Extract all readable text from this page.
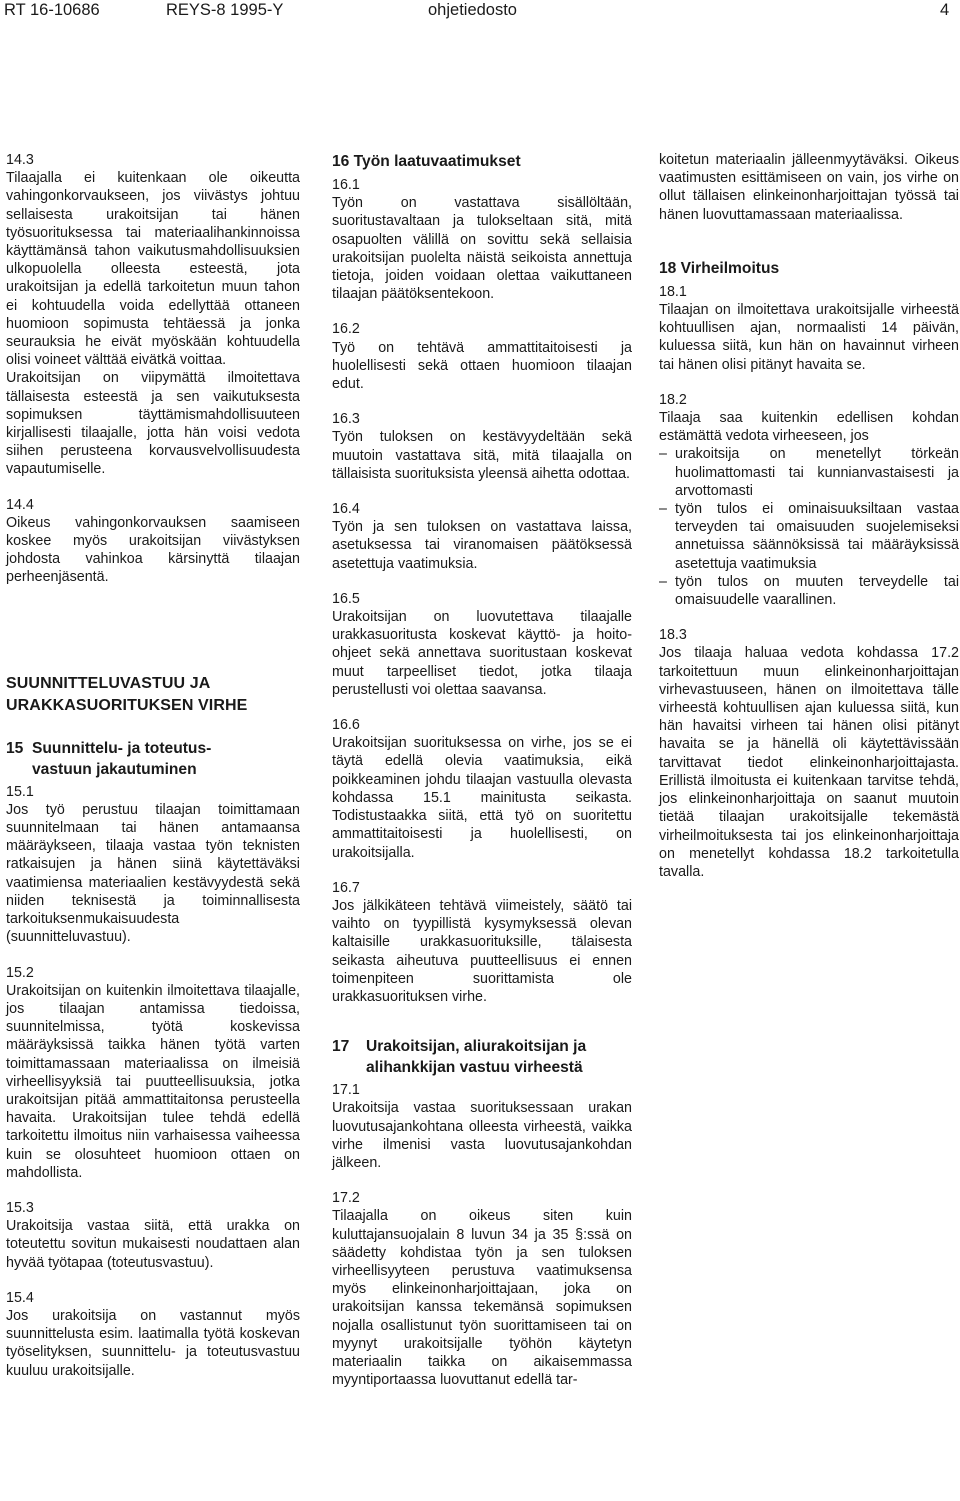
RT 16-10686	REYS-8 1995-Y	ohjetiedosto	4
14.3

Tilaajalla ei kuitenkaan ole oikeutta vahingonkorvaukseen, jos viivästys johtuu sellaisesta urakoitsijan tai hänen työsuorituksessa tai materiaalihankinnoissa käyttämänsä tahon vaikutusmahdollisuuksien ulkopuolella olleesta esteestä, jota urakoitsijan ja edellä tarkoitetun muun tahon ei kohtuudella voida edellyttää ottaneen huomioon sopimusta tehtäessä ja jonka seurauksia he eivät myöskään kohtuudella olisi voineet välttää eivätkä voittaa.

Urakoitsijan on viipymättä ilmoitettava tällaisesta esteestä ja sen vaikutuksesta sopimuksen täyttämismahdollisuuteen kirjallisesti tilaajalle, jotta hän voisi vedota siihen perusteena korvausvelvollisuudesta vapautumiselle.

14.4

Oikeus vahingonkorvauksen saamiseen koskee myös urakoitsijan viivästyksen johdosta vahinkoa kärsinyttä tilaajan perheenjäsentä.

SUUNNITTELUVASTUU JA
URAKKASUORITUKSEN VIRHE
15 Suunnittelu- ja toteutus-
vastuun jakautuminen
15.1

Jos työ perustuu tilaajan toimittamaan suunnitelmaan tai hänen antamaansa määräykseen, tilaaja vastaa työn teknisten ratkaisujen ja hänen siinä käytettäväksi vaatimiensa materiaalien kestävyydestä sekä niiden teknisestä ja toiminnallisesta tarkoituksenmukaisuudesta (suunnitteluvastuu).

15.2

Urakoitsijan on kuitenkin ilmoitettava tilaajalle, jos tilaajan antamissa tiedoissa, suunnitelmissa, työtä koskevissa määräyksissä taikka hänen työtä varten toimittamassaan materiaalissa on ilmeisiä virheellisyyksiä tai puutteellisuuksia, jotka urakoitsijan pitää ammattitaitonsa perusteella havaita. Urakoitsijan tulee tehdä edellä tarkoitettu ilmoitus niin varhaisessa vaiheessa kuin se olosuhteet huomioon ottaen on mahdollista.

15.3

Urakoitsija vastaa siitä, että urakka on toteutettu sovitun mukaisesti noudattaen alan hyvää työtapaa (toteutusvastuu).

15.4

Jos urakoitsija on vastannut myös suunnittelusta esim. laatimalla työtä koskevan työselityksen, suunnittelu- ja toteutusvastuu kuuluu urakoitsijalle.

16 Työn laatuvaatimukset
16.1

Työn on vastattava sisällöltään, suoritustavaltaan ja tulokseltaan sitä, mitä osapuolten välillä on sovittu sekä sellaisia urakoitsijan puolelta näistä seikoista annettuja tietoja, joiden voidaan olettaa vaikuttaneen tilaajan päätöksentekoon.

16.2

Työ on tehtävä ammattitaitoisesti ja huolellisesti sekä ottaen huomioon tilaajan edut.

16.3

Työn tuloksen on kestävyydeltään sekä muutoin vastattava sitä, mitä tilaajalla on tällaisista suorituksista yleensä aihetta odottaa.

16.4

Työn ja sen tuloksen on vastattava laissa, asetuksessa tai viranomaisen päätöksessä asetettuja vaatimuksia.

16.5

Urakoitsijan on luovutettava tilaajalle urakkasuoritusta koskevat käyttö- ja hoito-ohjeet sekä annettava suoritustaan koskevat muut tarpeelliset tiedot, jotka tilaaja perustellusti voi olettaa saavansa.

16.6

Urakoitsijan suorituksessa on virhe, jos se ei täytä edellä olevia vaatimuksia, eikä poikkeaminen johdu tilaajan vastuulla olevasta kohdassa 15.1 mainitusta seikasta. Todistustaakka siitä, että työ on suoritettu ammattitaitoisesti ja huolellisesti, on urakoitsijalla.

16.7

Jos jälkikäteen tehtävä viimeistely, säätö tai vaihto on tyypillistä kysymyksessä olevan kaltaisille urakkasuorituksille, tälaisesta seikasta aiheutuva puutteellisuus ei ennen toimenpiteen suorittamista ole urakkasuorituksen virhe.

17 Urakoitsijan, aliurakoitsijan ja
alihankkijan vastuu virheestä
17.1

Urakoitsija vastaa suorituksessaan urakan luovutusajankohtana olleesta virheestä, vaikka virhe ilmenisi vasta luovutusajankohdan jälkeen.

17.2

Tilaajalla on oikeus siten kuin kuluttajansuojalain 8 luvun 34 ja 35 §:ssä on säädetty kohdistaa työn ja sen tuloksen virheellisyyteen perustuva vaatimuksensa myös elinkeinonharjoittajaan, joka on urakoitsijan kanssa tekemänsä sopimuksen nojalla osallistunut työn suorittamiseen tai on myynyt urakoitsijalle työhön käytetyn materiaalin taikka on aikaisemmassa myyntiportaassa luovuttanut edellä tar-

koitetun materiaalin jälleenmyytäväksi. Oikeus vaatimusten esittämiseen on vain, jos virhe on ollut tällaisen elinkeinonharjoittajan työssä tai hänen luovuttamassaan materiaalissa.

18 Virheilmoitus
18.1

Tilaajan on ilmoitettava urakoitsijalle virheestä kohtuullisen ajan, normaalisti 14 päivän, kuluessa siitä, kun hän on havainnut virheen tai hänen olisi pitänyt havaita se.

18.2

Tilaaja saa kuitenkin edellisen kohdan estämättä vedota virheeseen, jos

– urakoitsija on menetellyt törkeän huolimattomasti tai kunnianvastaisesti ja arvottomasti
– työn tulos ei ominaisuuksiltaan vastaa terveyden tai omaisuuden suojelemiseksi annetuissa säännöksissä tai määräyksissä asetettuja vaatimuksia
– työn tulos on muuten terveydelle tai omaisuudelle vaarallinen.
18.3

Jos tilaaja haluaa vedota kohdassa 17.2 tarkoitettuun muun elinkeinonharjoittajan virhevastuuseen, hänen on ilmoitettava tälle virheestä kohtuullisen ajan kuluessa siitä, kun hän havaitsi virheen tai hänen olisi pitänyt havaita se ja hänellä oli käytettävissään tarvittavat tiedot elinkeinonharjoittajasta. Erillistä ilmoitusta ei kuitenkaan tarvitse tehdä, jos elinkeinonharjoittaja on saanut muutoin tietää tilaajan urakoitsijalle tekemästä virheilmoituksesta tai jos elinkeinonharjoittaja on menetellyt kohdassa 18.2 tarkoitetulla tavalla.
